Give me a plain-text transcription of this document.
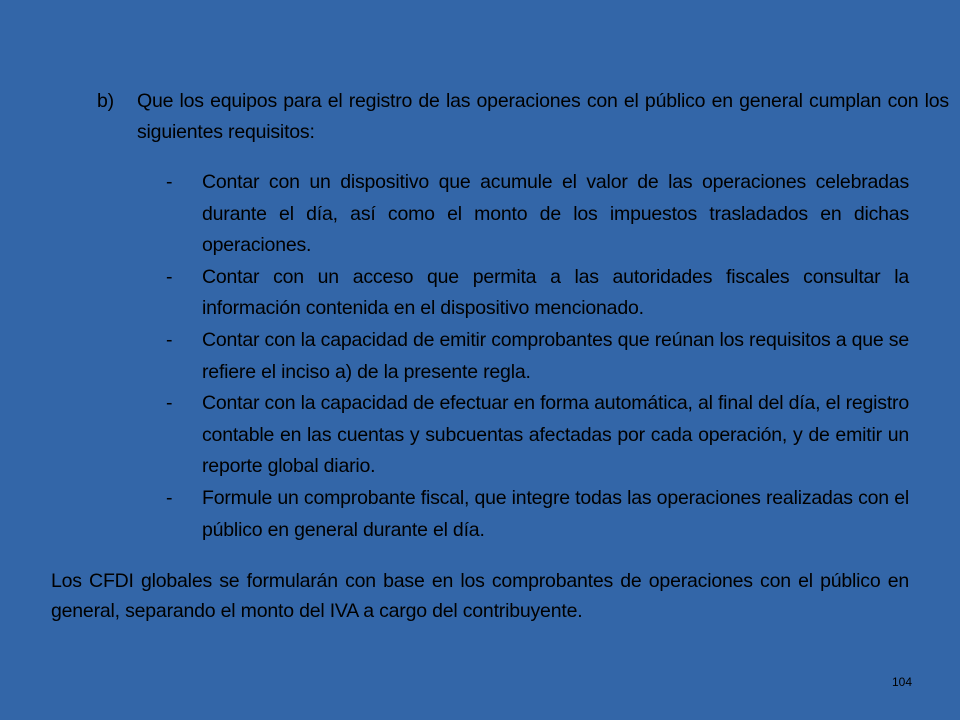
b) Que los equipos para el registro de las operaciones con el público en general cumplan con los siguientes requisitos:
- Contar con un dispositivo que acumule el valor de las operaciones celebradas durante el día, así como el monto de los impuestos trasladados en dichas operaciones.
- Contar con un acceso que permita a las autoridades fiscales consultar la información contenida en el dispositivo mencionado.
- Contar con la capacidad de emitir comprobantes que reúnan los requisitos a que se refiere el inciso a) de la presente regla.
- Contar con la capacidad de efectuar en forma automática, al final del día, el registro contable en las cuentas y subcuentas afectadas por cada operación, y de emitir un reporte global diario.
- Formule un comprobante fiscal, que integre todas las operaciones realizadas con el público en general durante el día.
Los CFDI globales se formularán con base en los comprobantes de operaciones con el público en general, separando el monto del IVA a cargo del contribuyente.
104
